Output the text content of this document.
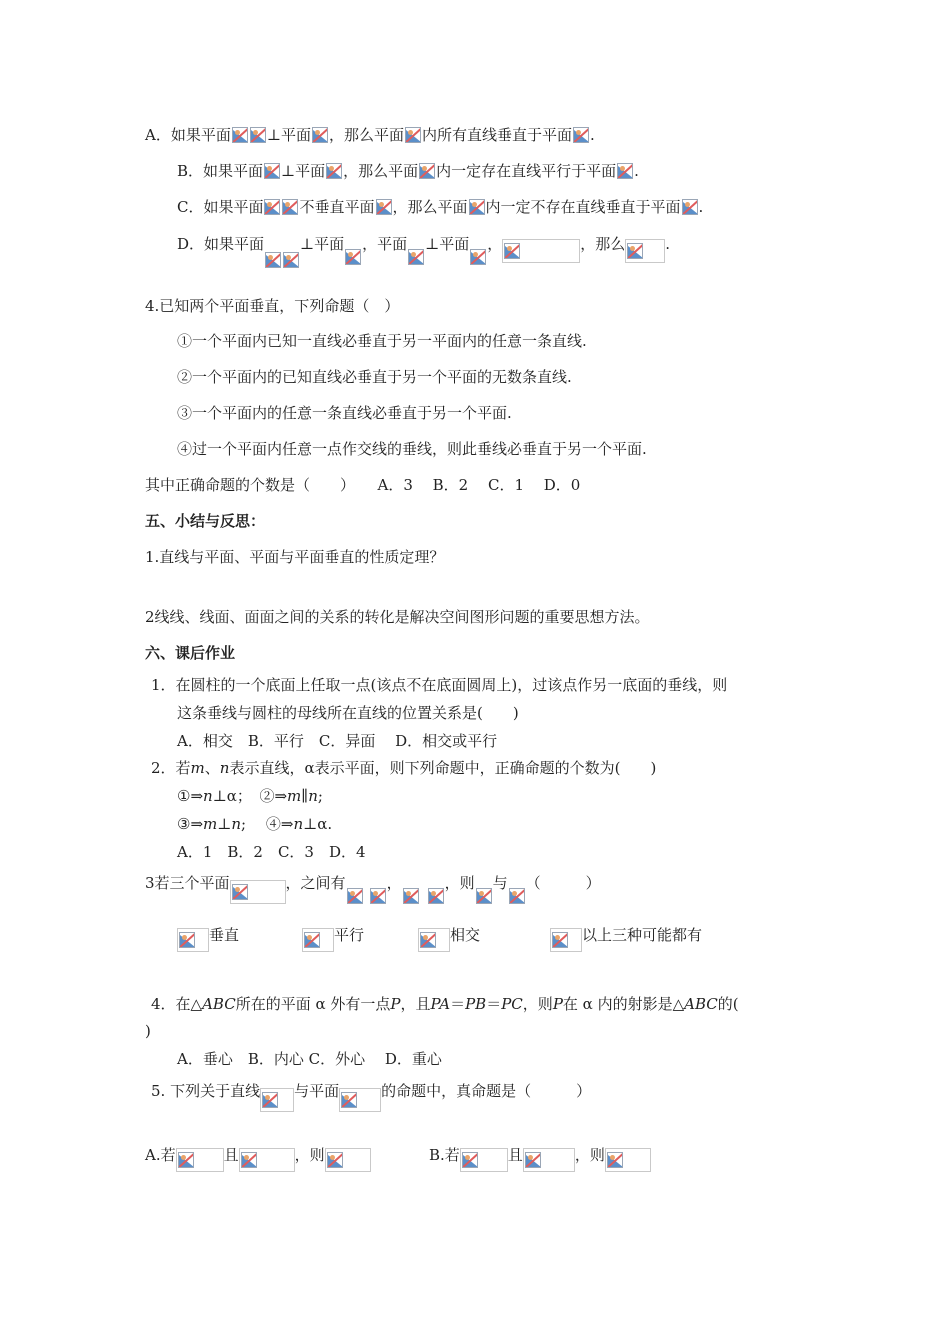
A．如果平面 ⊥平面 ，那么平面 内所有直线垂直于平面 .
B．如果平面 ⊥平面 ，那么平面 内一定存在直线平行于平面 .
C．如果平面 不垂直平面 ，那么平面 内一定不存在直线垂直于平面 .
D．如果平面 ⊥平面 ，平面 ⊥平面 ，	，那么	.
4.已知两个平面垂直，下列命题（　）
①一个平面内已知一直线必垂直于另一平面内的任意一条直线.
②一个平面内的已知直线必垂直于另一个平面的无数条直线.
③一个平面内的任意一条直线必垂直于另一个平面.
④过一个平面内任意一点作交线的垂线，则此垂线必垂直于另一个平面.
其中正确命题的个数是（　　）　　A．3　 B．2　 C．1　 D．0
五、小结与反思：
1.直线与平面、平面与平面垂直的性质定理？
2线线、线面、面面之间的关系的转化是解决空间图形问题的重要思想方法。
六、课后作业
1．在圆柱的一个底面上任取一点(该点不在底面圆周上)，过该点作另一底面的垂线，则
这条垂线与圆柱的母线所在直线的位置关系是(　　)
A．相交　B．平行　C．异面　 D．相交或平行
2．若m、n表示直线，α表示平面，则下列命题中，正确命题的个数为(　　)
①⇒n⊥α；　②⇒m∥n;
③⇒m⊥n; 　④⇒n⊥α.
A．1　B．2　C．3　D．4
3若三个平面	，之间有	，	，则 与 （　　　）
垂直	平行	相交	以上三种可能都有
4．在△ABC所在的平面 α 外有一点P，且PA＝PB＝PC，则P在 α 内的射影是△ABC的(
)
A．垂心　B．内心 C．外心　 D．重心
5. 下列关于直线 与平面	的命题中，真命题是（　　　）
A.若	且	，则	B.若	且	，则
